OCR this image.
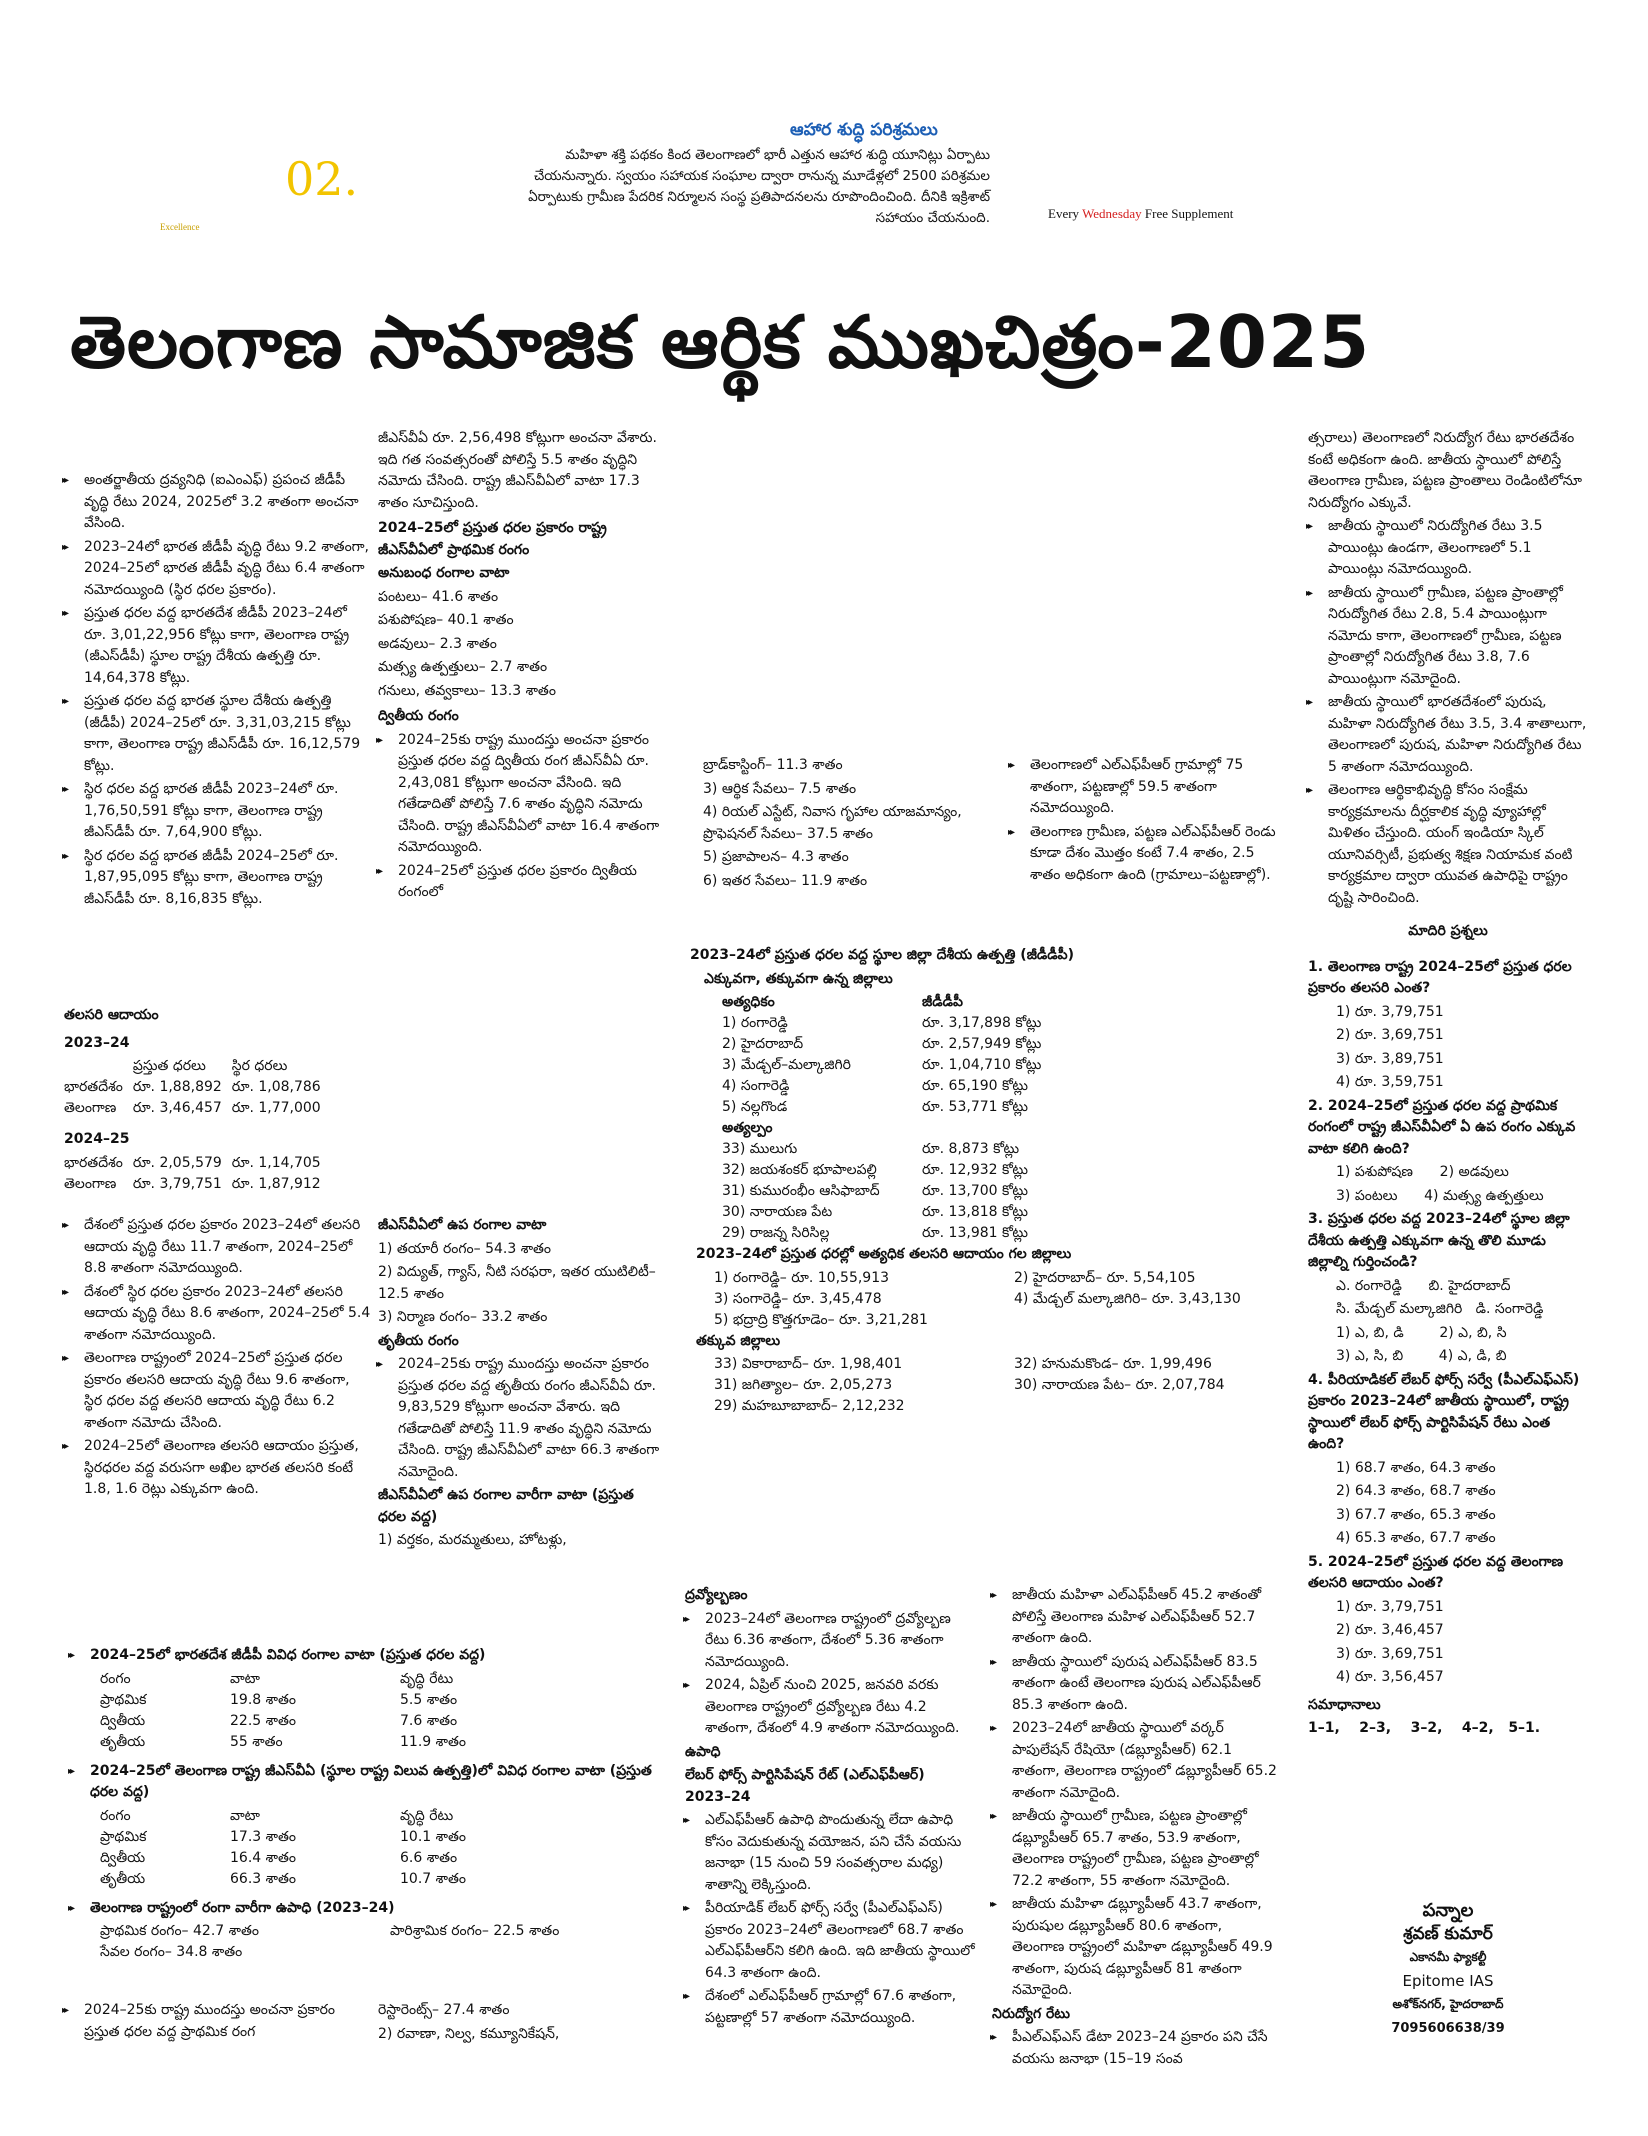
02.
Excellence
ఆహార శుద్ధి పరిశ్రమలు
మహిళా శక్తి పథకం కింద తెలంగాణలో భారీ ఎత్తున ఆహార శుద్ధి యూనిట్లు ఏర్పాటు చేయనున్నారు. స్వయం సహాయక సంఘాల ద్వారా రానున్న మూడేళ్లలో 2500 పరిశ్రమల ఏర్పాటుకు గ్రామీణ పేదరిక నిర్మూలన సంస్థ ప్రతిపాదనలను రూపొందించింది. దీనికి ఇక్రిశాట్ సహాయం చేయనుంది.	Every Wednesday Free Supplement
తెలంగాణ సామాజిక ఆర్థిక ముఖచిత్రం-2025

▸▸ అంతర్జాతీయ ద్రవ్యనిధి (ఐఎంఎఫ్) ప్రపంచ జీడీపీ వృద్ధి రేటు 2024, 2025లో 3.2 శాతంగా అంచనా వేసింది.

▸▸ 2023–24లో భారత జీడీపీ వృద్ధి రేటు 9.2 శాతంగా, 2024–25లో భారత జీడీపీ వృద్ధి రేటు 6.4 శాతంగా నమోదయ్యింది (స్థిర ధరల ప్రకారం).

▸▸ ప్రస్తుత ధరల వద్ద భారతదేశ జీడీపీ 2023–24లో రూ. 3,01,22,956 కోట్లు కాగా, తెలంగాణ రాష్ట్ర (జీఎస్‌డీపీ) స్థూల రాష్ట్ర దేశీయ ఉత్పత్తి రూ. 14,64,378 కోట్లు.

▸▸ ప్రస్తుత ధరల వద్ద భారత స్థూల దేశీయ ఉత్పత్తి (జీడీపీ) 2024–25లో రూ. 3,31,03,215 కోట్లు కాగా, తెలంగాణ రాష్ట్ర జీఎస్‌డీపీ రూ. 16,12,579 కోట్లు.

▸▸ స్థిర ధరల వద్ద భారత జీడీపీ 2023–24లో రూ. 1,76,50,591 కోట్లు కాగా, తెలంగాణ రాష్ట్ర జీఎస్‌డీపీ రూ. 7,64,900 కోట్లు.

▸▸ స్థిర ధరల వద్ద భారత జీడీపీ 2024–25లో రూ. 1,87,95,095 కోట్లు కాగా, తెలంగాణ రాష్ట్ర జీఎస్‌డీపీ రూ. 8,16,835 కోట్లు.

తలసరి ఆదాయం

2023–24

	ప్రస్తుత ధరలు	స్థిర ధరలు
భారతదేశం	రూ. 1,88,892	రూ. 1,08,786
తెలంగాణ	రూ. 3,46,457	రూ. 1,77,000

2024–25

భారతదేశం	రూ. 2,05,579	రూ. 1,14,705
తెలంగాణ	రూ. 3,79,751	రూ. 1,87,912

▸▸ దేశంలో ప్రస్తుత ధరల ప్రకారం 2023–24లో తలసరి ఆదాయ వృద్ధి రేటు 11.7 శాతంగా, 2024–25లో 8.8 శాతంగా నమోదయ్యింది.

▸▸ దేశంలో స్థిర ధరల ప్రకారం 2023–24లో తలసరి ఆదాయ వృద్ధి రేటు 8.6 శాతంగా, 2024–25లో 5.4 శాతంగా నమోదయ్యింది.

▸▸ తెలంగాణ రాష్ట్రంలో 2024–25లో ప్రస్తుత ధరల ప్రకారం తలసరి ఆదాయ వృద్ధి రేటు 9.6 శాతంగా, స్థిర ధరల వద్ద తలసరి ఆదాయ వృద్ధి రేటు 6.2 శాతంగా నమోదు చేసింది.

▸▸ 2024–25లో తెలంగాణ తలసరి ఆదాయం ప్రస్తుత, స్థిరధరల వద్ద వరుసగా అఖిల భారత తలసరి కంటే 1.8, 1.6 రెట్లు ఎక్కువగా ఉంది.

జీఎస్‌వీఏ రూ. 2,56,498 కోట్లుగా అంచనా వేశారు. ఇది గత సంవత్సరంతో పోలిస్తే 5.5 శాతం వృద్ధిని నమోదు చేసింది. రాష్ట్ర జీఎస్‌వీఏలో వాటా 17.3 శాతం సూచిస్తుంది.

2024–25లో ప్రస్తుత ధరల ప్రకారం రాష్ట్ర జీఎస్‌వీఏలో ప్రాథమిక రంగం

అనుబంధ రంగాల వాటా

పంటలు– 41.6 శాతం

పశుపోషణ– 40.1 శాతం

అడవులు– 2.3 శాతం

మత్స్య ఉత్పత్తులు– 2.7 శాతం

గనులు, తవ్వకాలు– 13.3 శాతం

ద్వితీయ రంగం

▸▸ 2024–25కు రాష్ట్ర ముందస్తు అంచనా ప్రకారం ప్రస్తుత ధరల వద్ద ద్వితీయ రంగ జీఎస్‌వీఏ రూ. 2,43,081 కోట్లుగా అంచనా వేసింది. ఇది గతేడాదితో పోలిస్తే 7.6 శాతం వృద్ధిని నమోదు చేసింది. రాష్ట్ర జీఎస్‌వీఏలో వాటా 16.4 శాతంగా నమోదయ్యింది.

▸▸ 2024–25లో ప్రస్తుత ధరల ప్రకారం ద్వితీయ రంగంలో

జీఎస్‌వీఏలో ఉప రంగాల వాటా

1) తయారీ రంగం– 54.3 శాతం

2) విద్యుత్, గ్యాస్, నీటి సరఫరా, ఇతర యుటిలిటీ– 12.5 శాతం

3) నిర్మాణ రంగం– 33.2 శాతం

తృతీయ రంగం

▸▸ 2024–25కు రాష్ట్ర ముందస్తు అంచనా ప్రకారం ప్రస్తుత ధరల వద్ద తృతీయ రంగం జీఎస్‌వీఏ రూ. 9,83,529 కోట్లుగా అంచనా వేశారు. ఇది గతేడాదితో పోలిస్తే 11.9 శాతం వృద్ధిని నమోదు చేసింది. రాష్ట్ర జీఎస్‌వీఏలో వాటా 66.3 శాతంగా నమోదైంది.

జీఎస్‌వీఏలో ఉప రంగాల వారీగా వాటా (ప్రస్తుత ధరల వద్ద)

1) వర్తకం, మరమ్మతులు, హోటళ్లు,

బ్రాడ్‌కాస్టింగ్– 11.3 శాతం

3) ఆర్థిక సేవలు– 7.5 శాతం

4) రియల్ ఎస్టేట్, నివాస గృహాల యాజమాన్యం, ప్రొఫెషనల్ సేవలు– 37.5 శాతం

5) ప్రజాపాలన– 4.3 శాతం

6) ఇతర సేవలు– 11.9 శాతం

▸▸ తెలంగాణలో ఎల్‌ఎఫ్‌పీఆర్ గ్రామాల్లో 75 శాతంగా, పట్టణాల్లో 59.5 శాతంగా నమోదయ్యింది.

▸▸ తెలంగాణ గ్రామీణ, పట్టణ ఎల్‌ఎఫ్‌పీఆర్ రెండు కూడా దేశం మొత్తం కంటే 7.4 శాతం, 2.5 శాతం అధికంగా ఉంది (గ్రామాలు–పట్టణాల్లో).

2023–24లో ప్రస్తుత ధరల వద్ద స్థూల జిల్లా దేశీయ ఉత్పత్తి (జీడీడీపీ)

ఎక్కువగా, తక్కువగా ఉన్న జిల్లాలు

అత్యధికం	జీడీడీపీ
1) రంగారెడ్డి	రూ. 3,17,898 కోట్లు
2) హైదరాబాద్	రూ. 2,57,949 కోట్లు
3) మేడ్చల్–మల్కాజిగిరి	రూ. 1,04,710 కోట్లు
4) సంగారెడ్డి	రూ. 65,190 కోట్లు
5) నల్లగొండ	రూ. 53,771 కోట్లు
అత్యల్పం	
33) ములుగు	రూ. 8,873 కోట్లు
32) జయశంకర్ భూపాలపల్లి	రూ. 12,932 కోట్లు
31) కుమురంభీం ఆసిఫాబాద్	రూ. 13,700 కోట్లు
30) నారాయణ పేట	రూ. 13,818 కోట్లు
29) రాజన్న సిరిసిల్ల	రూ. 13,981 కోట్లు

2023–24లో ప్రస్తుత ధరల్లో అత్యధిక తలసరి ఆదాయం గల జిల్లాలు

1) రంగారెడ్డి– రూ. 10,55,913	2) హైదరాబాద్– రూ. 5,54,105
3) సంగారెడ్డి– రూ. 3,45,478	4) మేడ్చల్ మల్కాజిగిరి– రూ. 3,43,130
5) భద్రాద్రి కొత్తగూడెం– రూ. 3,21,281	

తక్కువ జిల్లాలు

33) వికారాబాద్– రూ. 1,98,401	32) హనుమకొండ– రూ. 1,99,496
31) జగిత్యాల– రూ. 2,05,273	30) నారాయణ పేట– రూ. 2,07,784
29) మహబూబాబాద్– 2,12,232	

▸▸ 2024–25లో భారతదేశ జీడీపీ వివిధ రంగాల వాటా (ప్రస్తుత ధరల వద్ద)

రంగం	వాటా	వృద్ధి రేటు
ప్రాథమిక	19.8 శాతం	5.5 శాతం
ద్వితీయ	22.5 శాతం	7.6 శాతం
తృతీయ	55 శాతం	11.9 శాతం

▸▸ 2024–25లో తెలంగాణ రాష్ట్ర జీఎస్‌వీఏ (స్థూల రాష్ట్ర విలువ ఉత్పత్తి)లో వివిధ రంగాల వాటా (ప్రస్తుత ధరల వద్ద)

రంగం	వాటా	వృద్ధి రేటు
ప్రాథమిక	17.3 శాతం	10.1 శాతం
ద్వితీయ	16.4 శాతం	6.6 శాతం
తృతీయ	66.3 శాతం	10.7 శాతం

▸▸ తెలంగాణ రాష్ట్రంలో రంగా వారీగా ఉపాధి (2023–24)

ప్రాథమిక రంగం– 42.7 శాతం	పారిశ్రామిక రంగం– 22.5 శాతం
సేవల రంగం– 34.8 శాతం	

▸▸ 2024–25కు రాష్ట్ర ముందస్తు అంచనా ప్రకారం ప్రస్తుత ధరల వద్ద ప్రాథమిక రంగ

రెస్టారెంట్స్– 27.4 శాతం

2) రవాణా, నిల్వ, కమ్యూనికేషన్,

ద్రవ్యోల్బణం

▸▸ 2023–24లో తెలంగాణ రాష్ట్రంలో ద్రవ్యోల్బణ రేటు 6.36 శాతంగా, దేశంలో 5.36 శాతంగా నమోదయ్యింది.

▸▸ 2024, ఏప్రిల్ నుంచి 2025, జనవరి వరకు తెలంగాణ రాష్ట్రంలో ద్రవ్యోల్బణ రేటు 4.2 శాతంగా, దేశంలో 4.9 శాతంగా నమోదయ్యింది.

ఉపాధి

లేబర్ ఫోర్స్ పార్టిసిపేషన్ రేట్ (ఎల్‌ఎఫ్‌పీఆర్) 2023–24

▸▸ ఎల్‌ఎఫ్‌పీఆర్ ఉపాధి పొందుతున్న లేదా ఉపాధి కోసం వెదుకుతున్న వయోజన, పని చేసే వయసు జనాభా (15 నుంచి 59 సంవత్సరాల మధ్య) శాతాన్ని లెక్కిస్తుంది.

▸▸ పీరియాడిక్ లేబర్ ఫోర్స్ సర్వే (పీఎల్‌ఎఫ్‌ఎస్) ప్రకారం 2023–24లో తెలంగాణలో 68.7 శాతం ఎల్‌ఎఫ్‌పీఆర్‌ని కలిగి ఉంది. ఇది జాతీయ స్థాయిలో 64.3 శాతంగా ఉంది.

▸▸ దేశంలో ఎల్‌ఎఫ్‌పీఆర్ గ్రామాల్లో 67.6 శాతంగా, పట్టణాల్లో 57 శాతంగా నమోదయ్యింది.

▸▸ జాతీయ మహిళా ఎల్‌ఎఫ్‌పీఆర్ 45.2 శాతంతో పోలిస్తే తెలంగాణ మహిళ ఎల్‌ఎఫ్‌పీఆర్ 52.7 శాతంగా ఉంది.

▸▸ జాతీయ స్థాయిలో పురుష ఎల్‌ఎఫ్‌పీఆర్ 83.5 శాతంగా ఉంటే తెలంగాణ పురుష ఎల్‌ఎఫ్‌పీఆర్ 85.3 శాతంగా ఉంది.

▸▸ 2023–24లో జాతీయ స్థాయిలో వర్కర్ పాపులేషన్ రేషియో (డబ్ల్యూపీఆర్) 62.1 శాతంగా, తెలంగాణ రాష్ట్రంలో డబ్ల్యూపీఆర్ 65.2 శాతంగా నమోదైంది.

▸▸ జాతీయ స్థాయిలో గ్రామీణ, పట్టణ ప్రాంతాల్లో డబ్ల్యూపీఆర్ 65.7 శాతం, 53.9 శాతంగా, తెలంగాణ రాష్ట్రంలో గ్రామీణ, పట్టణ ప్రాంతాల్లో 72.2 శాతంగా, 55 శాతంగా నమోదైంది.

▸▸ జాతీయ మహిళా డబ్ల్యూపీఆర్ 43.7 శాతంగా, పురుషుల డబ్ల్యూపీఆర్ 80.6 శాతంగా, తెలంగాణ రాష్ట్రంలో మహిళా డబ్ల్యూపీఆర్ 49.9 శాతంగా, పురుష డబ్ల్యూపీఆర్ 81 శాతంగా నమోదైంది.

నిరుద్యోగ రేటు

▸▸ పీఎల్‌ఎఫ్‌ఎస్ డేటా 2023–24 ప్రకారం పని చేసే వయసు జనాభా (15–19 సంవ

త్సరాలు) తెలంగాణలో నిరుద్యోగ రేటు భారతదేశం కంటే అధికంగా ఉంది. జాతీయ స్థాయిలో పోలిస్తే తెలంగాణ గ్రామీణ, పట్టణ ప్రాంతాలు రెండింటిలోనూ నిరుద్యోగం ఎక్కువే.

▸▸ జాతీయ స్థాయిలో నిరుద్యోగిత రేటు 3.5 పాయింట్లు ఉండగా, తెలంగాణలో 5.1 పాయింట్లు నమోదయ్యింది.

▸▸ జాతీయ స్థాయిలో గ్రామీణ, పట్టణ ప్రాంతాల్లో నిరుద్యోగిత రేటు 2.8, 5.4 పాయింట్లుగా నమోదు కాగా, తెలంగాణలో గ్రామీణ, పట్టణ ప్రాంతాల్లో నిరుద్యోగిత రేటు 3.8, 7.6 పాయింట్లుగా నమోదైంది.

▸▸ జాతీయ స్థాయిలో భారతదేశంలో పురుష, మహిళా నిరుద్యోగిత రేటు 3.5, 3.4 శాతాలుగా, తెలంగాణలో పురుష, మహిళా నిరుద్యోగిత రేటు 5 శాతంగా నమోదయ్యింది.

▸▸ తెలంగాణ ఆర్థికాభివృద్ధి కోసం సంక్షేమ కార్యక్రమాలను దీర్ఘకాలిక వృద్ధి వ్యూహాల్లో మిళితం చేస్తుంది. యంగ్ ఇండియా స్కిల్ యూనివర్సిటీ, ప్రభుత్వ శిక్షణ నియామక వంటి కార్యక్రమాల ద్వారా యువత ఉపాధిపై రాష్ట్రం దృష్టి సారించింది.

మాదిరి ప్రశ్నలు

1. తెలంగాణ రాష్ట్ర 2024–25లో ప్రస్తుత ధరల ప్రకారం తలసరి ఎంత?

1) రూ. 3,79,751

2) రూ. 3,69,751

3) రూ. 3,89,751

4) రూ. 3,59,751

2. 2024–25లో ప్రస్తుత ధరల వద్ద ప్రాథమిక రంగంలో రాష్ట్ర జీఎస్‌వీఏలో ఏ ఉప రంగం ఎక్కువ వాటా కలిగి ఉంది?

1) పశుపోషణ      2) అడవులు

3) పంటలు      4) మత్స్య ఉత్పత్తులు

3. ప్రస్తుత ధరల వద్ద 2023–24లో స్థూల జిల్లా దేశీయ ఉత్పత్తి ఎక్కువగా ఉన్న తొలి మూడు జిల్లాల్ని గుర్తించండి?

ఎ. రంగారెడ్డి      బి. హైదరాబాద్

సి. మేడ్చల్ మల్కాజిగిరి   డి. సంగారెడ్డి

1) ఎ, బి, డి        2) ఎ, బి, సి

3) ఎ, సి, బి        4) ఎ, డి, బి

4. పీరియాడికల్ లేబర్ ఫోర్స్ సర్వే (పీఎల్‌ఎఫ్‌ఎస్) ప్రకారం 2023–24లో జాతీయ స్థాయిలో, రాష్ట్ర స్థాయిలో లేబర్ ఫోర్స్ పార్టిసిపేషన్ రేటు ఎంత ఉంది?

1) 68.7 శాతం, 64.3 శాతం

2) 64.3 శాతం, 68.7 శాతం

3) 67.7 శాతం, 65.3 శాతం

4) 65.3 శాతం, 67.7 శాతం

5. 2024–25లో ప్రస్తుత ధరల వద్ద తెలంగాణ తలసరి ఆదాయం ఎంత?

1) రూ. 3,79,751

2) రూ. 3,46,457

3) రూ. 3,69,751

4) రూ. 3,56,457

సమాధానాలు

1–1,    2–3,    3–2,    4–2,   5–1.

పన్నాల

శ్రవణ్ కుమార్

ఎకానమీ ఫ్యాకల్టీ

Epitome IAS

అశోక్‌నగర్, హైదరాబాద్

7095606638/39
